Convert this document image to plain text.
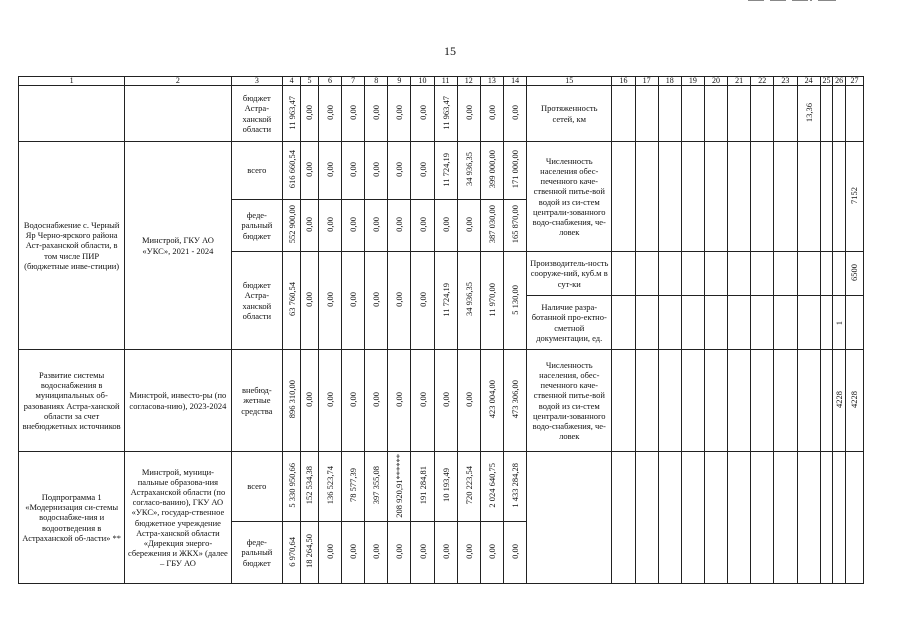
15
1	2	3	4	5	6	7	8	9	10	11	12	13	14	15	16	17	18	19	20	21	22	23	24	25	26	27

		бюджет Астра-ханской области	11 963,47	0,00	0,00	0,00	0,00	0,00	0,00	11 963,47	0,00	0,00	0,00	Протяженность сетей, км									13,36			

Водоснабжение с. Черный Яр Черно-ярского района Аст-раханской области, в том числе ПИР (бюджетные инве-стиции)	Минстрой, ГКУ АО «УКС», 2021 - 2024	всего	616 660,54	0,00	0,00	0,00	0,00	0,00	0,00	11 724,19	34 936,35	399 000,00	171 000,00	Численность населения обес-печенного каче-ственной питье-вой водой из си-стем централи-зованного водо-снабжения, че-ловек												7152

		феде-ральный бюджет	552 900,00	0,00	0,00	0,00	0,00	0,00	0,00	0,00	0,00	387 030,00	165 870,00													

		бюджет Астра-ханской области	63 760,54	0,00	0,00	0,00	0,00	0,00	0,00	11 724,19	34 936,35	11 970,00	5 130,00	Производитель-ность сооруже-ний, куб.м в сут-ки												6500

														Наличие разра-ботанной про-ектно-сметной документации, ед.											1	

Развитие системы водоснабжения в муниципальных об-разованиях Астра-ханской области за счет внебюджетных источников	Минстрой, инвесто-ры (по согласова-нию), 2023-2024	внебюд-жетные средства	896 310,00	0,00	0,00	0,00	0,00	0,00	0,00	0,00	0,00	423 004,00	473 306,00	Численность населения, обес-печенного каче-ственной питье-вой водой из си-стем централи-зованного водо-снабжения, че-ловек											4228	4228

Подпрограмма 1 «Модернизация си-стемы водоснабже-ния и водоотведения в Астраханской об-ласти» **	Минстрой, муници-пальные образова-ния Астраханской области (по согласо-ванию), ГКУ АО «УКС», государ-ственное бюджетное учреждение Астра-ханской области «Дирекция энерго-сбережения и ЖКХ» (далее – ГБУ АО	всего	5 330 950,66	152 534,38	136 523,74	78 577,39	397 355,08	208 920,91******	191 284,81	10 193,49	720 223,54	2 024 640,75	1 433 284,28													

		феде-ральный бюджет	6 970,64	18 264,50	0,00	0,00	0,00	0,00	0,00	0,00	0,00	0,00	0,00													
